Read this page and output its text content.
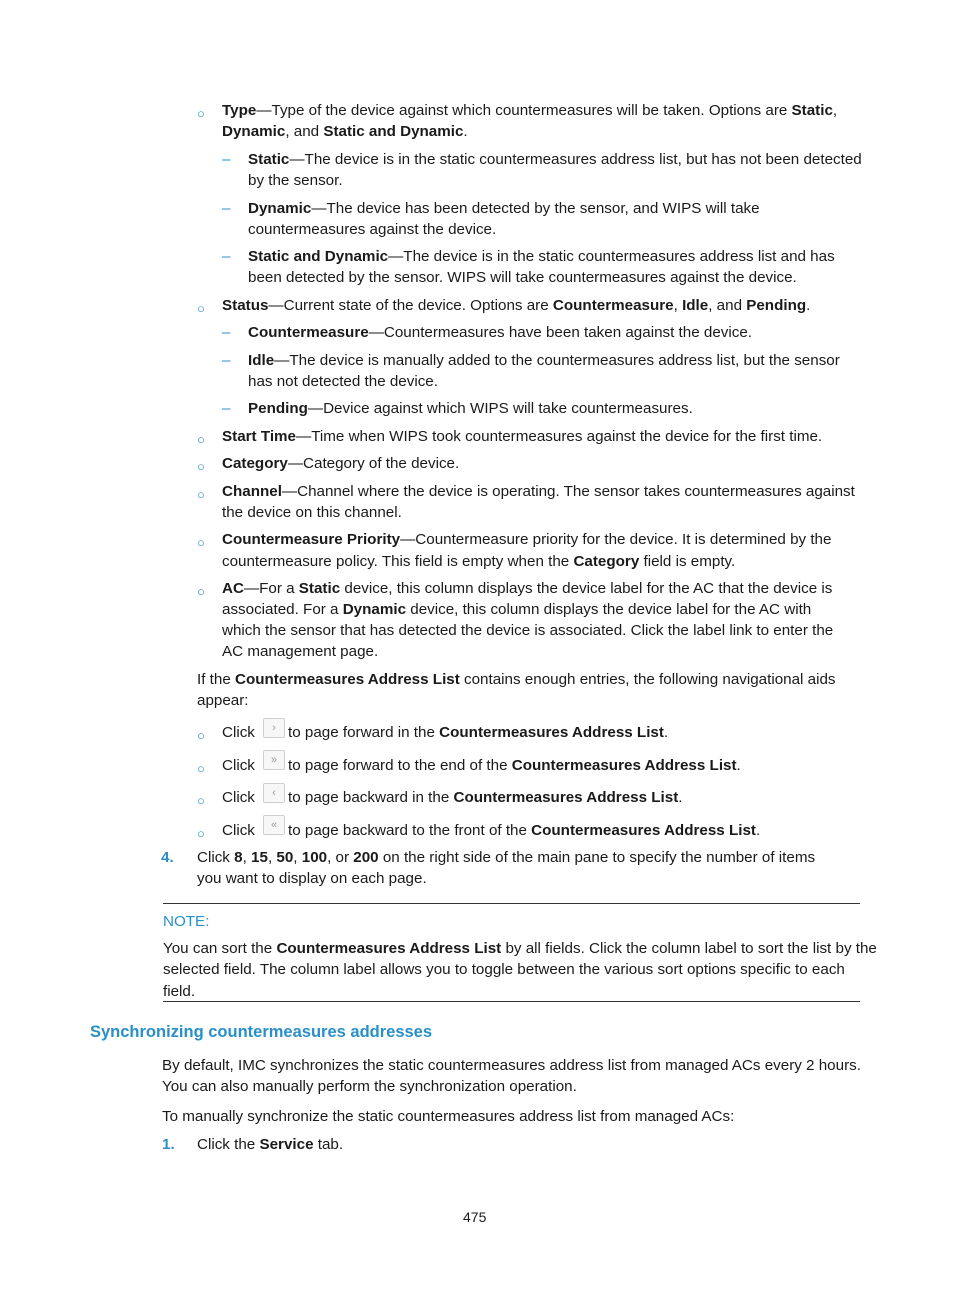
○ Type—Type of the device against which countermeasures will be taken. Options are Static,
Dynamic, and Static and Dynamic.
– Static—The device is in the static countermeasures address list, but has not been detected
by the sensor.
– Dynamic—The device has been detected by the sensor, and WIPS will take
countermeasures against the device.
– Static and Dynamic—The device is in the static countermeasures address list and has
been detected by the sensor. WIPS will take countermeasures against the device.
○ Status—Current state of the device. Options are Countermeasure, Idle, and Pending.
– Countermeasure—Countermeasures have been taken against the device.
– Idle—The device is manually added to the countermeasures address list, but the sensor
has not detected the device.
– Pending—Device against which WIPS will take countermeasures.
○ Start Time—Time when WIPS took countermeasures against the device for the first time.
○ Category—Category of the device.
○ Channel—Channel where the device is operating. The sensor takes countermeasures against
the device on this channel.
○ Countermeasure Priority—Countermeasure priority for the device. It is determined by the
countermeasure policy. This field is empty when the Category field is empty.
○ AC—For a Static device, this column displays the device label for the AC that the device is
associated. For a Dynamic device, this column displays the device label for the AC with
which the sensor that has detected the device is associated. Click the label link to enter the
AC management page.
If the Countermeasures Address List contains enough entries, the following navigational aids
appear:
○ Click	› to page forward in the Countermeasures Address List.
○ Click	» to page forward to the end of the Countermeasures Address List.
○ Click	‹ to page backward in the Countermeasures Address List.
○ Click	« to page backward to the front of the Countermeasures Address List.
4. Click 8, 15, 50, 100, or 200 on the right side of the main pane to specify the number of items
you want to display on each page.
NOTE:
You can sort the Countermeasures Address List by all fields. Click the column label to sort the list by the
selected field. The column label allows you to toggle between the various sort options specific to each
field.
Synchronizing countermeasures addresses
By default, IMC synchronizes the static countermeasures address list from managed ACs every 2 hours.
You can also manually perform the synchronization operation.
To manually synchronize the static countermeasures address list from managed ACs:
1. Click the Service tab.
475
